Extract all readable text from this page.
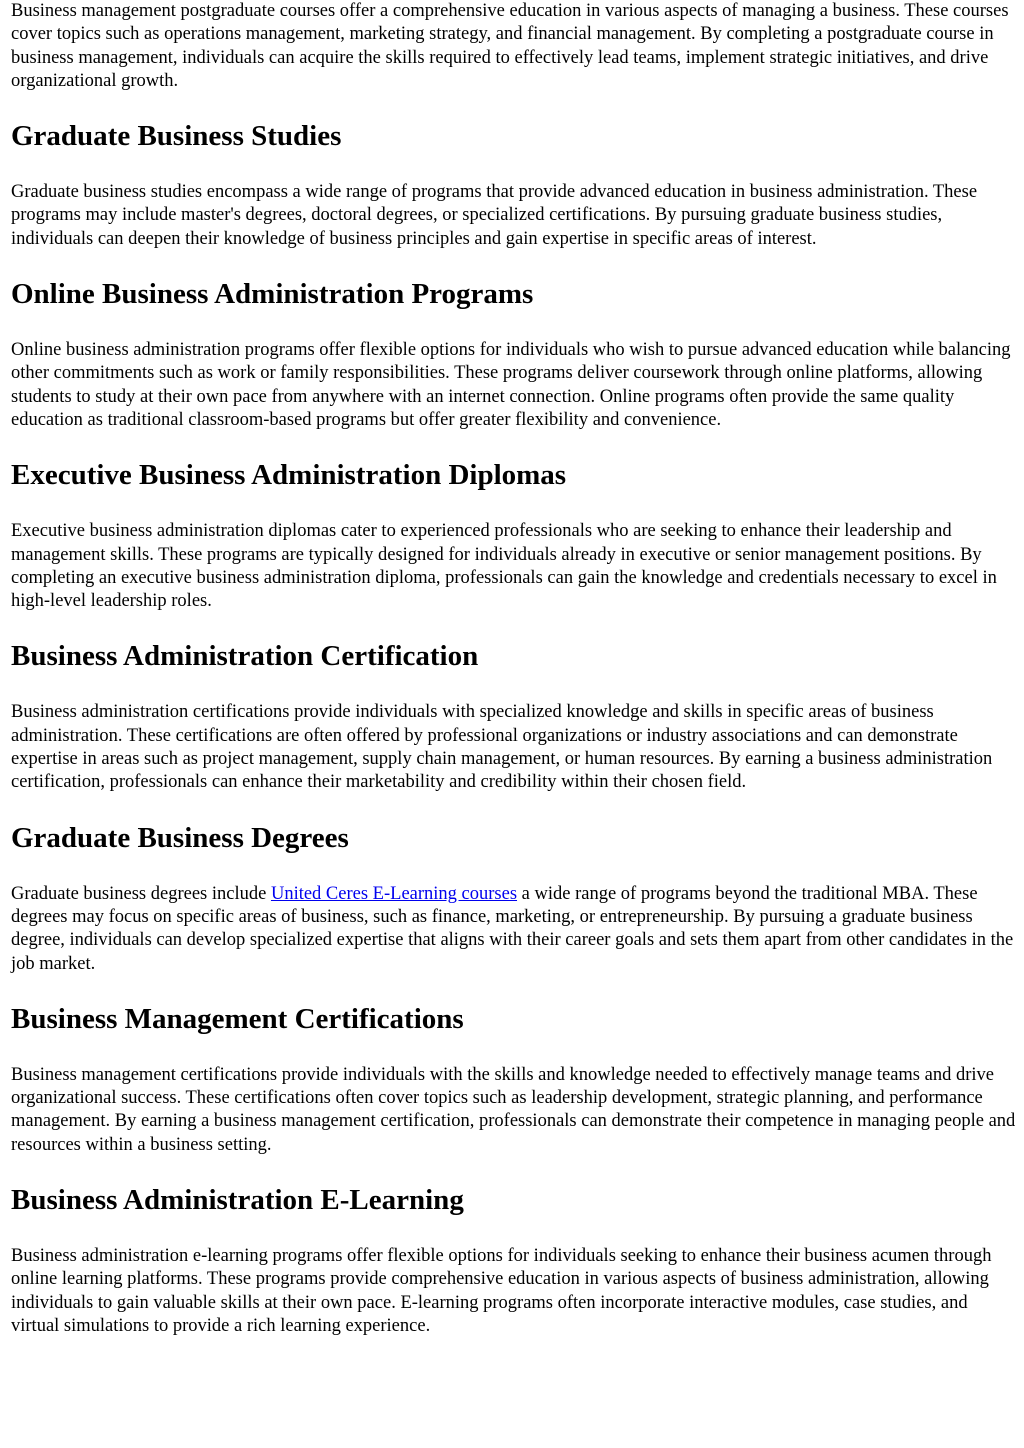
Business management postgraduate courses offer a comprehensive education in various aspects of managing a business. These courses cover topics such as operations management, marketing strategy, and financial management. By completing a postgraduate course in business management, individuals can acquire the skills required to effectively lead teams, implement strategic initiatives, and drive organizational growth.

Graduate Business Studies

Graduate business studies encompass a wide range of programs that provide advanced education in business administration. These programs may include master's degrees, doctoral degrees, or specialized certifications. By pursuing graduate business studies, individuals can deepen their knowledge of business principles and gain expertise in specific areas of interest.

Online Business Administration Programs

Online business administration programs offer flexible options for individuals who wish to pursue advanced education while balancing other commitments such as work or family responsibilities. These programs deliver coursework through online platforms, allowing students to study at their own pace from anywhere with an internet connection. Online programs often provide the same quality education as traditional classroom-based programs but offer greater flexibility and convenience.

Executive Business Administration Diplomas

Executive business administration diplomas cater to experienced professionals who are seeking to enhance their leadership and management skills. These programs are typically designed for individuals already in executive or senior management positions. By completing an executive business administration diploma, professionals can gain the knowledge and credentials necessary to excel in high-level leadership roles.

Business Administration Certification

Business administration certifications provide individuals with specialized knowledge and skills in specific areas of business administration. These certifications are often offered by professional organizations or industry associations and can demonstrate expertise in areas such as project management, supply chain management, or human resources. By earning a business administration certification, professionals can enhance their marketability and credibility within their chosen field.

Graduate Business Degrees

Graduate business degrees include United Ceres E-Learning courses a wide range of programs beyond the traditional MBA. These degrees may focus on specific areas of business, such as finance, marketing, or entrepreneurship. By pursuing a graduate business degree, individuals can develop specialized expertise that aligns with their career goals and sets them apart from other candidates in the job market.

Business Management Certifications

Business management certifications provide individuals with the skills and knowledge needed to effectively manage teams and drive organizational success. These certifications often cover topics such as leadership development, strategic planning, and performance management. By earning a business management certification, professionals can demonstrate their competence in managing people and resources within a business setting.

Business Administration E-Learning

Business administration e-learning programs offer flexible options for individuals seeking to enhance their business acumen through online learning platforms. These programs provide comprehensive education in various aspects of business administration, allowing individuals to gain valuable skills at their own pace. E-learning programs often incorporate interactive modules, case studies, and virtual simulations to provide a rich learning experience.
